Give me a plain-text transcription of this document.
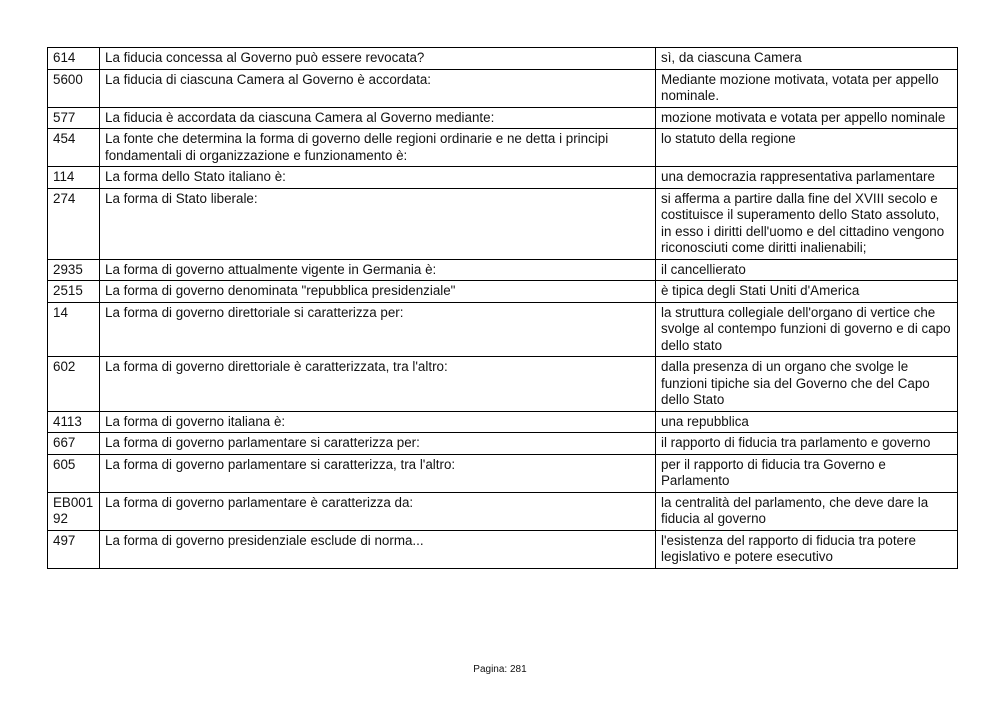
614	La fiducia concessa al Governo può essere revocata?	sì, da ciascuna Camera
5600	La fiducia di ciascuna Camera al Governo è accordata:	Mediante mozione motivata, votata per appello nominale.
577	La fiducia è accordata da ciascuna Camera al Governo mediante:	mozione motivata e votata per appello nominale
454	La fonte che determina la forma di governo delle regioni ordinarie e ne detta i principi fondamentali di organizzazione e funzionamento è:	lo statuto della regione
114	La forma dello Stato italiano è:	una democrazia rappresentativa parlamentare
274	La forma di Stato liberale:	si afferma a partire dalla fine del XVIII secolo e costituisce il superamento dello Stato assoluto, in esso i diritti dell'uomo e del cittadino vengono riconosciuti come diritti inalienabili;
2935	La forma di governo attualmente vigente in Germania è:	il cancellierato
2515	La forma di governo denominata "repubblica presidenziale"	è tipica degli Stati Uniti d'America
14	La forma di governo direttoriale si caratterizza per:	la struttura collegiale dell'organo di vertice che svolge al contempo funzioni di governo e di capo dello stato
602	La forma di governo direttoriale è caratterizzata, tra l'altro:	dalla presenza di un organo che svolge le funzioni tipiche sia del Governo che del Capo dello Stato
4113	La forma di governo italiana è:	una repubblica
667	La forma di governo parlamentare si caratterizza per:	il rapporto di fiducia tra parlamento e governo
605	La forma di governo parlamentare si caratterizza, tra l'altro:	per il rapporto di fiducia tra Governo e Parlamento
EB00192	La forma di governo parlamentare è caratterizza da:	la centralità del parlamento, che deve dare la fiducia al governo
497	La forma di governo presidenziale esclude di norma...	l'esistenza del rapporto di fiducia tra potere legislativo e potere esecutivo
Pagina: 281
